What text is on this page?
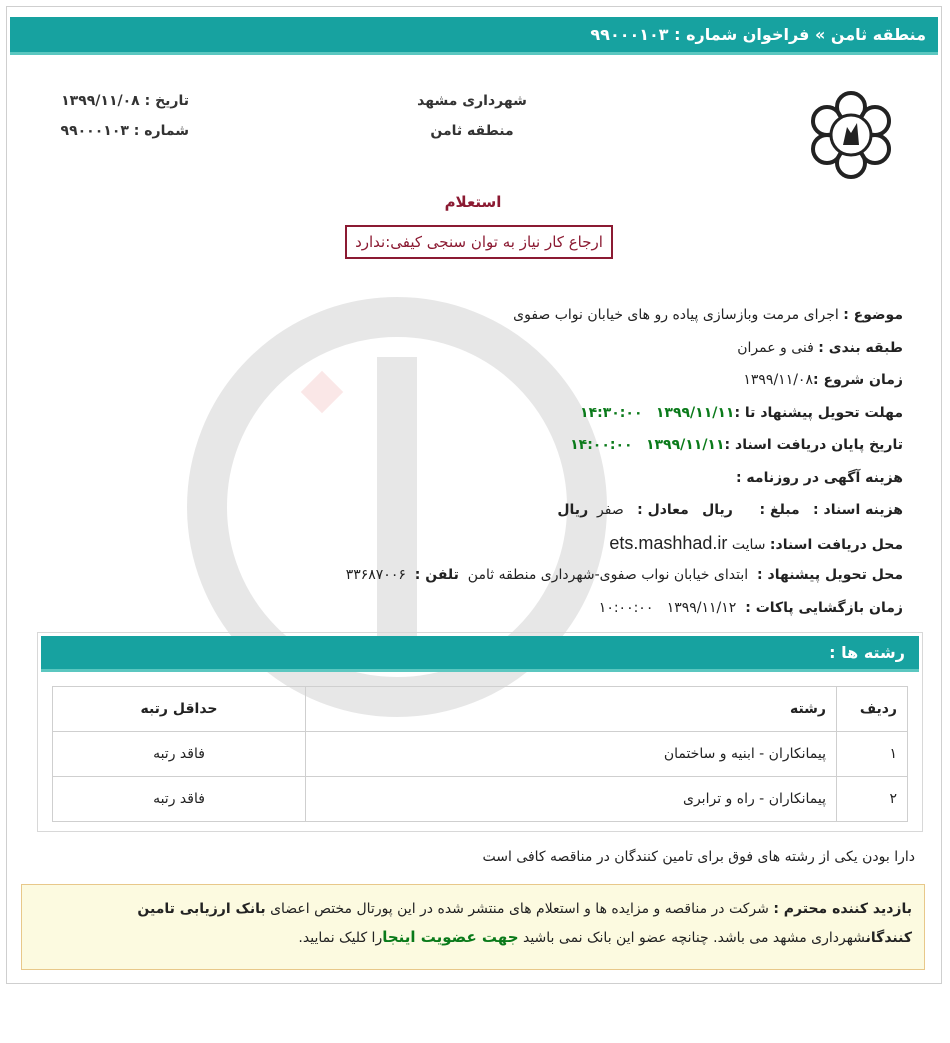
منطقه ثامن » فراخوان شماره : ۹۹۰۰۰۱۰۳
شهرداری مشهد
منطقه ثامن
تاریخ : ۱۳۹۹/۱۱/۰۸
شماره : ۹۹۰۰۰۱۰۳
استعلام
ارجاع کار نیاز به توان سنجی کیفی:ندارد
موضوع : اجرای مرمت وبازسازی پیاده رو های خیابان نواب صفوی
طبقه بندی : فنی و عمران
زمان شروع :۱۳۹۹/۱۱/۰۸
مهلت تحویل پیشنهاد تا :۱۳۹۹/۱۱/۱۱   ۱۴:۳۰:۰۰
تاریخ پایان دریافت اسناد :۱۳۹۹/۱۱/۱۱   ۱۴:۰۰:۰۰
هزینه آگهی در روزنامه :
هزینه اسناد :   مبلغ :      ریال   معادل :   صفر  ریال
محل دریافت اسناد: سایت ets.mashhad.ir
محل تحویل پیشنهاد :  ابتدای خیابان نواب صفوی-شهرداری منطقه ثامن  تلفن :  ۳۳۶۸۷۰۰۶
زمان بازگشایی پاکات :  ۱۳۹۹/۱۱/۱۲   ۱۰:۰۰:۰۰
رشته ها :
ردیف	رشته	حداقل رتبه
۱	پیمانکاران - ابنیه و ساختمان	فاقد رتبه
۲	پیمانکاران - راه و ترابری	فاقد رتبه
دارا بودن یکی از رشته های فوق برای تامین کنندگان در مناقصه کافی است
بازدید کننده محترم : شرکت در مناقصه و مزایده ها و استعلام های منتشر شده در این پورتال مختص اعضای بانک ارزیابی تامین کنندگانشهرداری مشهد می باشد. چنانچه عضو این بانک نمی باشید جهت عضویت اینجارا کلیک نمایید.
